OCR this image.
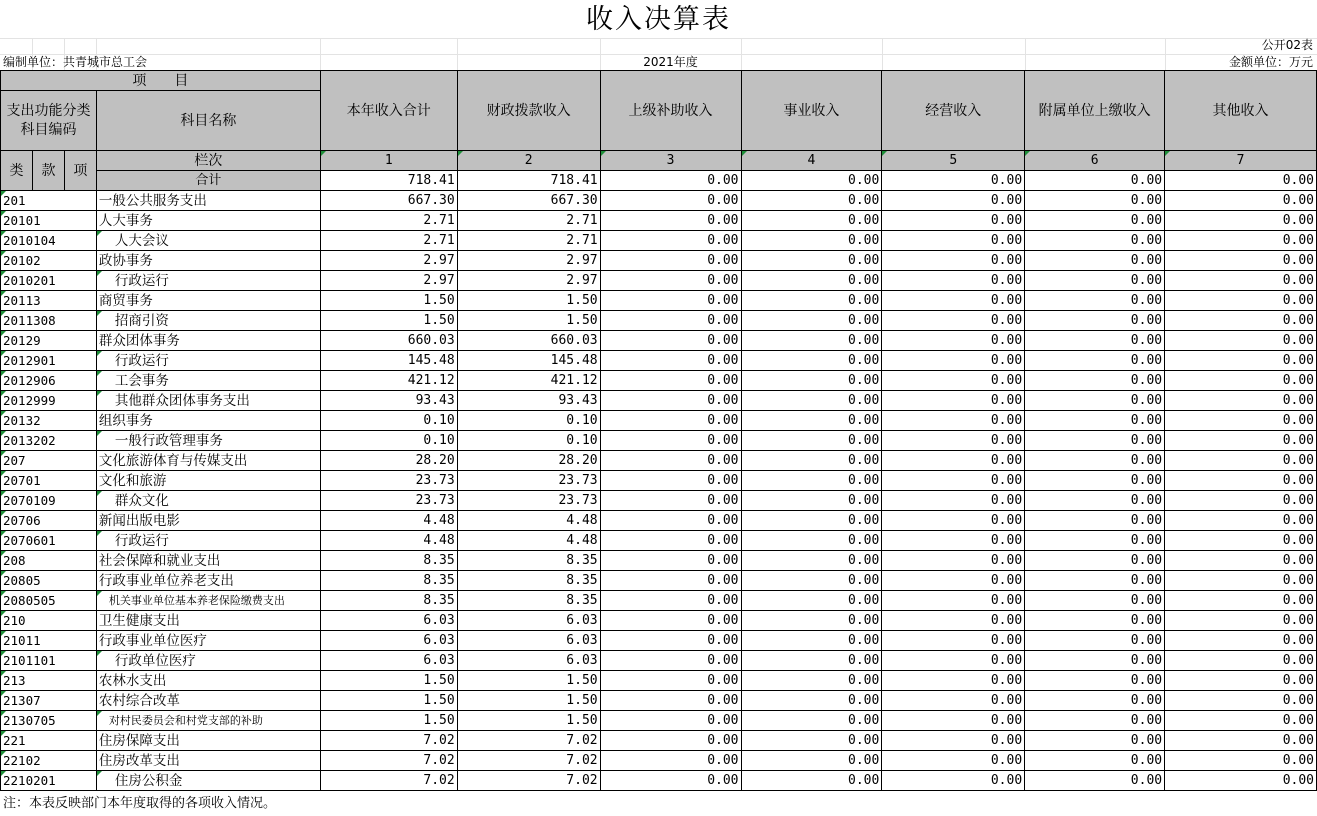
收入决算表
公开02表
编制单位：共青城市总工会	2021年度	金额单位：万元
项　　目				本年收入合计	财政拨款收入	上级补助收入	事业收入	经营收入	附属单位上缴收入	其他收入
支出功能分类科目编码			科目名称							

类	款	项	栏次	1	2	3	4	5	6	7
			合计	718.41	718.41	0.00	0.00	0.00	0.00	0.00

201			一般公共服务支出	667.30	667.30	0.00	0.00	0.00	0.00	0.00

20101			人大事务	2.71	2.71	0.00	0.00	0.00	0.00	0.00

2010104			人大会议	2.71	2.71	0.00	0.00	0.00	0.00	0.00

20102			政协事务	2.97	2.97	0.00	0.00	0.00	0.00	0.00

2010201			行政运行	2.97	2.97	0.00	0.00	0.00	0.00	0.00

20113			商贸事务	1.50	1.50	0.00	0.00	0.00	0.00	0.00

2011308			招商引资	1.50	1.50	0.00	0.00	0.00	0.00	0.00

20129			群众团体事务	660.03	660.03	0.00	0.00	0.00	0.00	0.00

2012901			行政运行	145.48	145.48	0.00	0.00	0.00	0.00	0.00

2012906			工会事务	421.12	421.12	0.00	0.00	0.00	0.00	0.00

2012999			其他群众团体事务支出	93.43	93.43	0.00	0.00	0.00	0.00	0.00

20132			组织事务	0.10	0.10	0.00	0.00	0.00	0.00	0.00

2013202			一般行政管理事务	0.10	0.10	0.00	0.00	0.00	0.00	0.00

207			文化旅游体育与传媒支出	28.20	28.20	0.00	0.00	0.00	0.00	0.00

20701			文化和旅游	23.73	23.73	0.00	0.00	0.00	0.00	0.00

2070109			群众文化	23.73	23.73	0.00	0.00	0.00	0.00	0.00

20706			新闻出版电影	4.48	4.48	0.00	0.00	0.00	0.00	0.00

2070601			行政运行	4.48	4.48	0.00	0.00	0.00	0.00	0.00

208			社会保障和就业支出	8.35	8.35	0.00	0.00	0.00	0.00	0.00

20805			行政事业单位养老支出	8.35	8.35	0.00	0.00	0.00	0.00	0.00

2080505			机关事业单位基本养老保险缴费支出	8.35	8.35	0.00	0.00	0.00	0.00	0.00

210			卫生健康支出	6.03	6.03	0.00	0.00	0.00	0.00	0.00

21011			行政事业单位医疗	6.03	6.03	0.00	0.00	0.00	0.00	0.00

2101101			行政单位医疗	6.03	6.03	0.00	0.00	0.00	0.00	0.00

213			农林水支出	1.50	1.50	0.00	0.00	0.00	0.00	0.00

21307			农村综合改革	1.50	1.50	0.00	0.00	0.00	0.00	0.00

2130705			对村民委员会和村党支部的补助	1.50	1.50	0.00	0.00	0.00	0.00	0.00

221			住房保障支出	7.02	7.02	0.00	0.00	0.00	0.00	0.00

22102			住房改革支出	7.02	7.02	0.00	0.00	0.00	0.00	0.00

2210201			住房公积金	7.02	7.02	0.00	0.00	0.00	0.00	0.00
注：本表反映部门本年度取得的各项收入情况。
